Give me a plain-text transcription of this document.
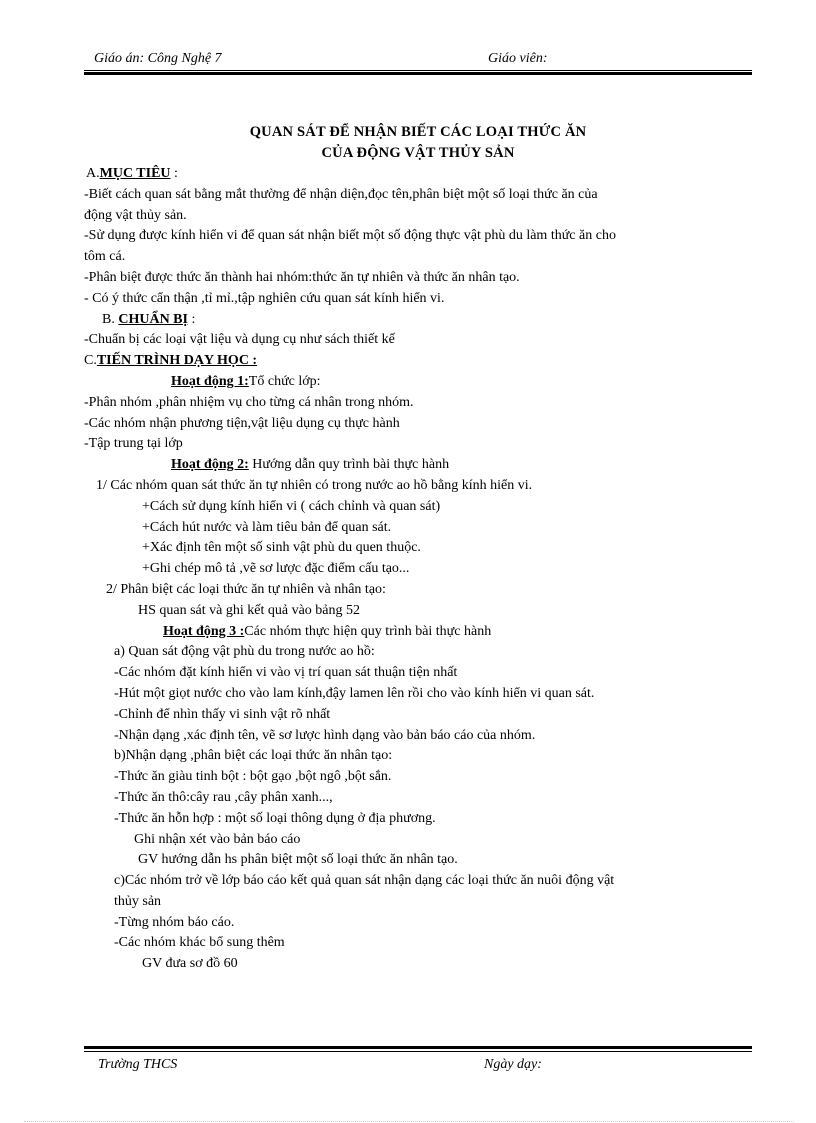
Giáo án: Công Nghệ 7	Giáo viên:
QUAN SÁT ĐỂ NHẬN BIẾT CÁC LOẠI THỨC ĂN
CỦA ĐỘNG VẬT THỦY SẢN
A.MỤC TIÊU :
-Biết cách quan sát bằng mắt thường để nhận diện,đọc tên,phân biệt một số loại thức ăn của
động vật thủy sản.
-Sử dụng được kính hiển vi để quan sát nhận biết một số động thực vật phù du làm thức ăn cho
tôm cá.
-Phân biệt được thức ăn thành hai nhóm:thức ăn tự nhiên và thức ăn nhân tạo.
- Có ý thức cẩn thận ,tỉ mỉ.,tập nghiên cứu quan sát kính hiển vi.
B. CHUẨN BỊ :
-Chuẩn bị các loại vật liệu và dụng cụ như sách thiết kế
C.TIẾN TRÌNH DẠY HỌC :
Hoạt động 1:Tổ chức lớp:
-Phân nhóm ,phân nhiệm vụ cho từng cá nhân trong nhóm.
-Các nhóm nhận phương tiện,vật liệu dụng cụ thực hành
-Tập trung tại lớp
Hoạt động 2: Hướng dẫn quy trình bài thực hành
1/ Các nhóm quan sát thức ăn tự nhiên có trong nước ao hồ bằng kính hiển vi.
+Cách sử dụng kính hiển vi ( cách chỉnh và quan sát)
+Cách hút nước và làm tiêu bản để quan sát.
+Xác định tên một số sinh vật phù du quen thuộc.
+Ghi chép mô tả ,vẽ sơ lược đặc điểm cấu tạo...
2/ Phân biệt các loại thức ăn tự nhiên và nhân tạo:
HS quan sát và ghi kết quả vào bảng 52
Hoạt động 3 :Các nhóm thực hiện quy trình bài thực hành
a) Quan sát động vật phù du trong nước ao hồ:
-Các nhóm đặt kính hiển vi vào vị trí quan sát thuận tiện nhất
-Hút một giọt nước cho vào lam kính,đậy lamen lên rồi cho vào kính hiển vi quan sát.
-Chỉnh để nhìn thấy vi sinh vật rõ nhất
-Nhận dạng ,xác định tên, vẽ sơ lược hình dạng vào bản báo cáo của nhóm.
b)Nhận dạng ,phân biệt các loại thức ăn nhân tạo:
-Thức ăn giàu tinh bột : bột gạo ,bột ngô ,bột sắn.
-Thức ăn thô:cây rau ,cây phân xanh...,
-Thức ăn hỗn hợp : một số loại thông dụng ở địa phương.
Ghi nhận xét vào bản báo cáo
GV hướng dẫn hs phân biệt một số loại thức ăn nhân tạo.
c)Các nhóm trở về lớp báo cáo kết quả quan sát nhận dạng các loại thức ăn nuôi động vật
thủy sản
-Từng nhóm báo cáo.
-Các nhóm khác bổ sung thêm
GV đưa sơ đồ 60
Trường THCS	Ngày dạy:
